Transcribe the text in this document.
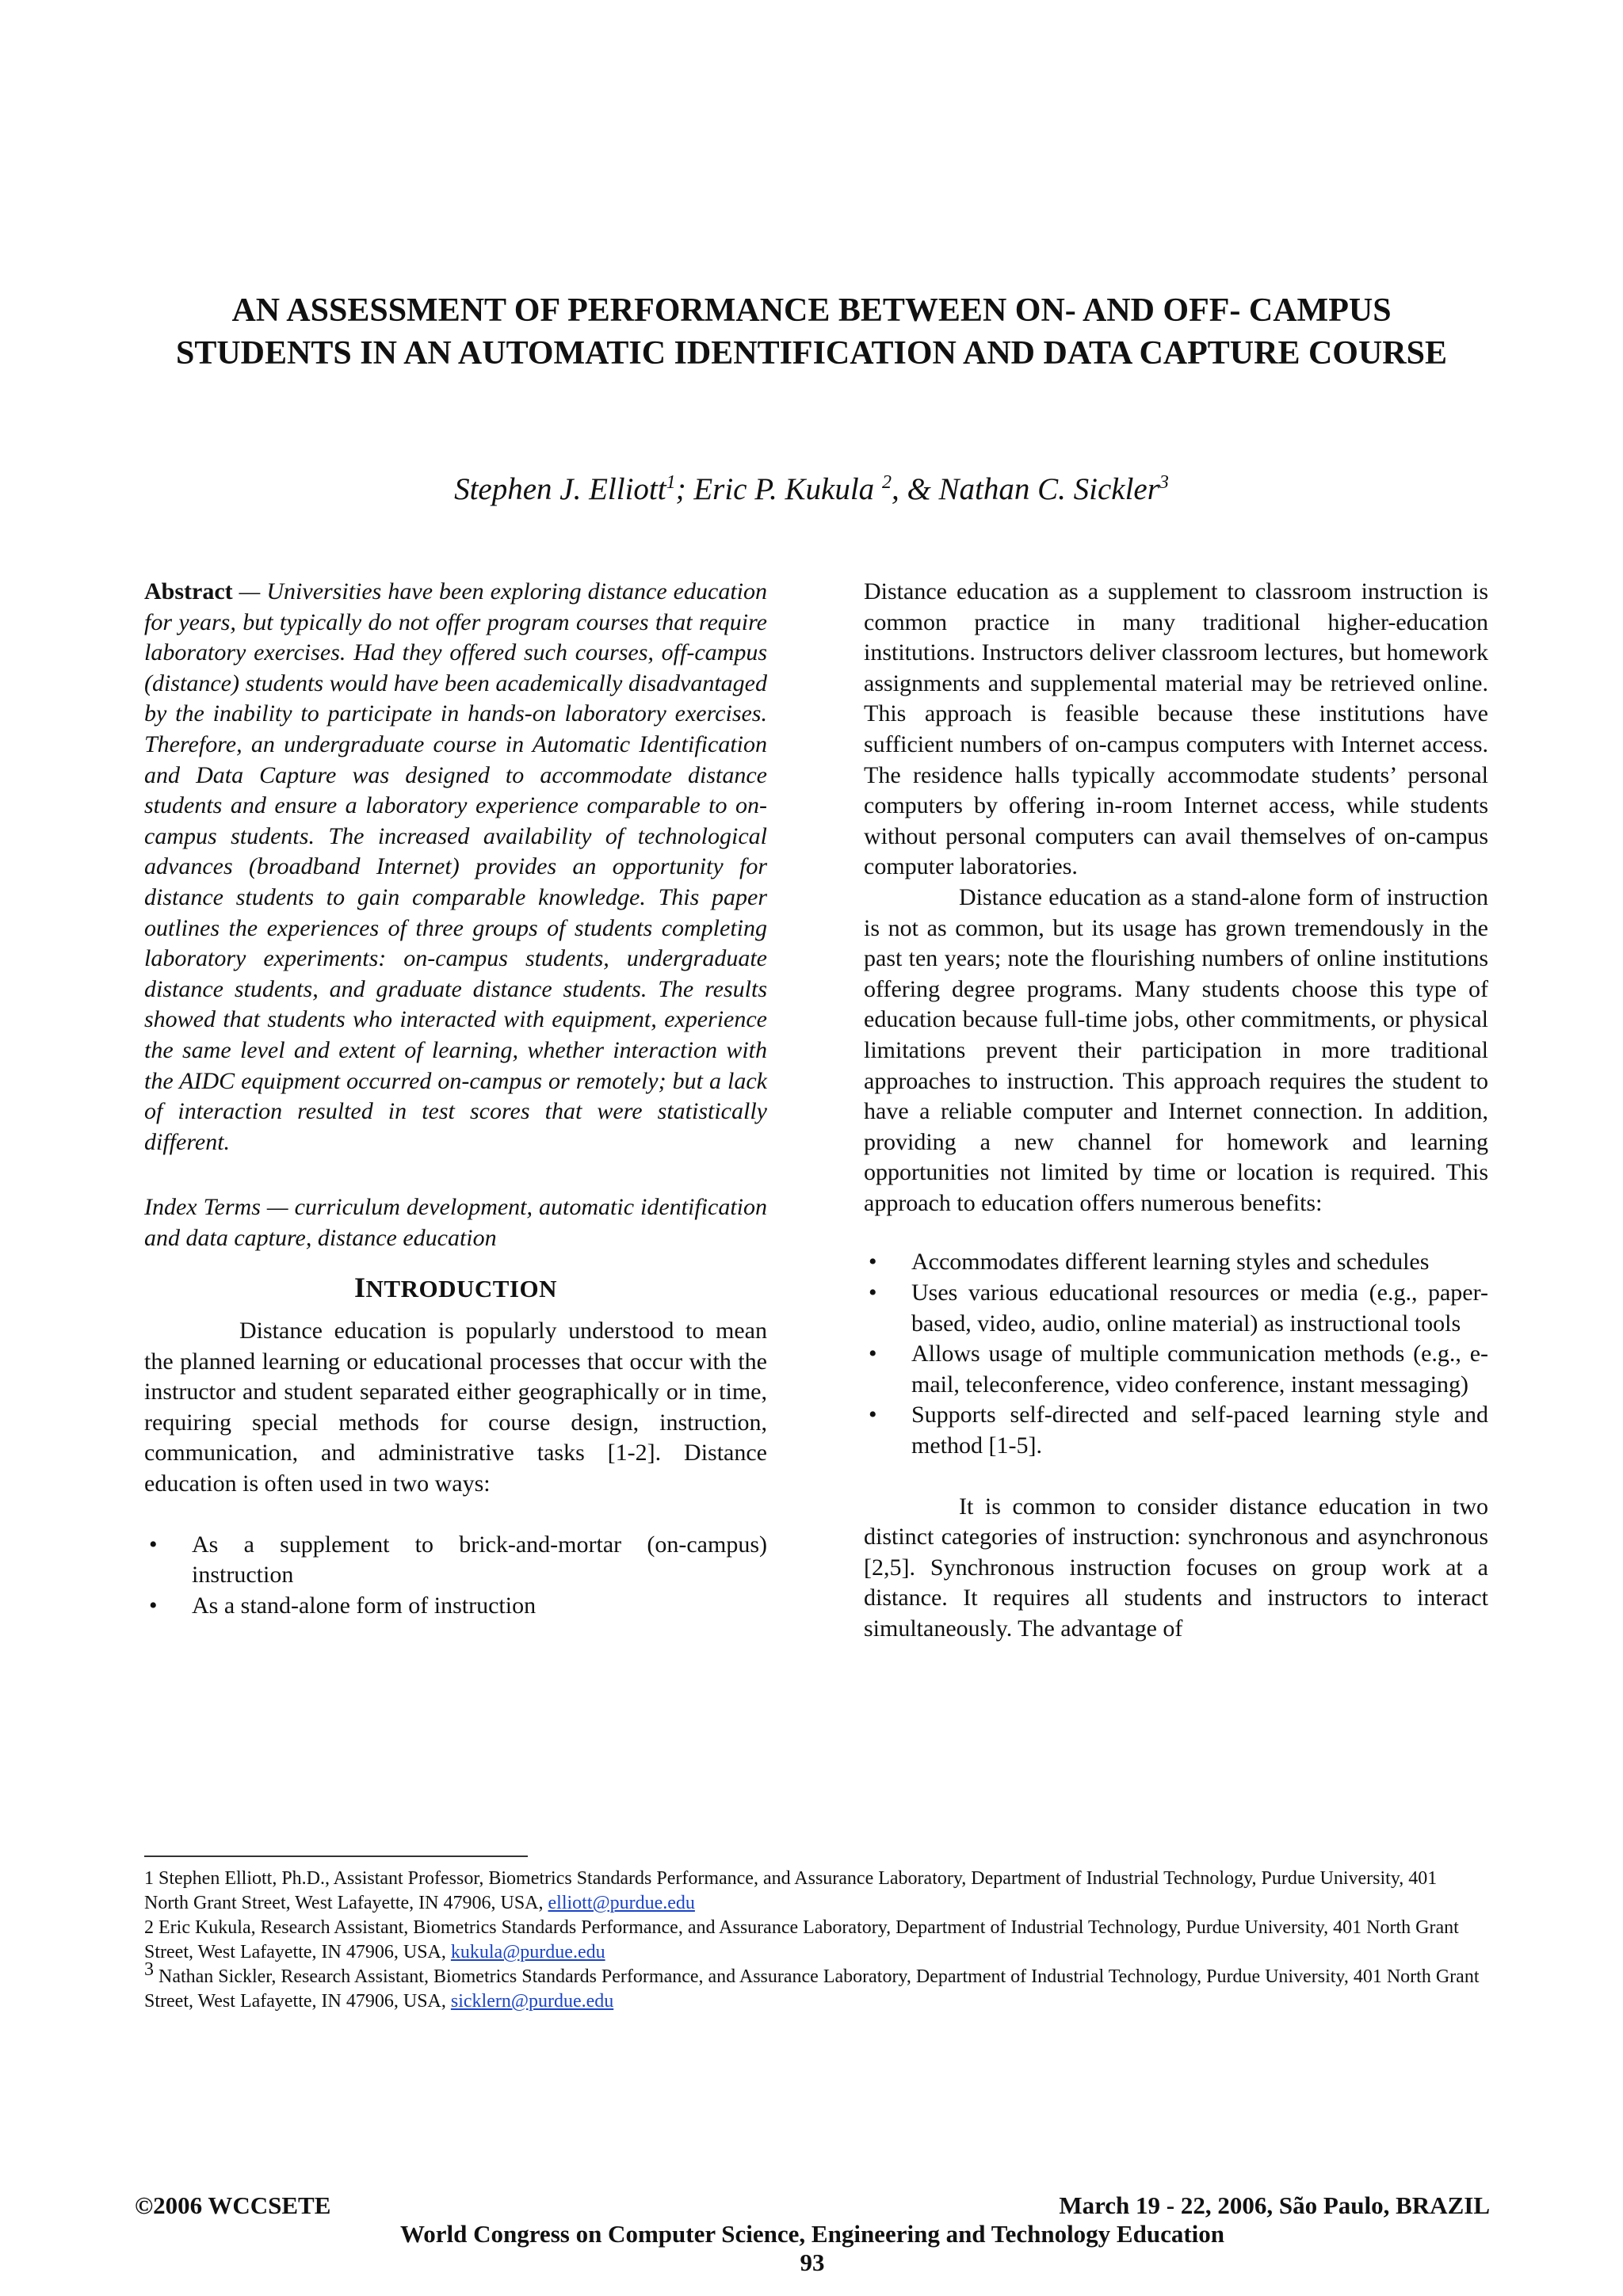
AN ASSESSMENT OF PERFORMANCE BETWEEN ON- AND OFF- CAMPUS STUDENTS IN AN AUTOMATIC IDENTIFICATION AND DATA CAPTURE COURSE
Stephen J. Elliott$^1$; Eric P. Kukula $^2$, & Nathan C. Sickler$^3$

Abstract — Universities have been exploring distance education for years, but typically do not offer program courses that require laboratory exercises. Had they offered such courses, off-campus (distance) students would have been academically disadvantaged by the inability to participate in hands-on laboratory exercises. Therefore, an undergraduate course in Automatic Identification and Data Capture was designed to accommodate distance students and ensure a laboratory experience comparable to on-campus students. The increased availability of technological advances (broadband Internet) provides an opportunity for distance students to gain comparable knowledge. This paper outlines the experiences of three groups of students completing laboratory experiments: on-campus students, undergraduate distance students, and graduate distance students. The results showed that students who interacted with equipment, experience the same level and extent of learning, whether interaction with the AIDC equipment occurred on-campus or remotely; but a lack of interaction resulted in test scores that were statistically different.

Index Terms — curriculum development, automatic identification and data capture, distance education

INTRODUCTION

Distance education is popularly understood to mean the planned learning or educational processes that occur with the instructor and student separated either geographically or in time, requiring special methods for course design, instruction, communication, and administrative tasks [1-2]. Distance education is often used in two ways:

• As a supplement to brick-and-mortar (on-campus) instruction
• As a stand-alone form of instruction

Distance education as a supplement to classroom instruction is common practice in many traditional higher-education institutions. Instructors deliver classroom lectures, but homework assignments and supplemental material may be retrieved online. This approach is feasible because these institutions have sufficient numbers of on-campus computers with Internet access. The residence halls typically accommodate students’ personal computers by offering in-room Internet access, while students without personal computers can avail themselves of on-campus computer laboratories.

Distance education as a stand-alone form of instruction is not as common, but its usage has grown tremendously in the past ten years; note the flourishing numbers of online institutions offering degree programs. Many students choose this type of education because full-time jobs, other commitments, or physical limitations prevent their participation in more traditional approaches to instruction. This approach requires the student to have a reliable computer and Internet connection. In addition, providing a new channel for homework and learning opportunities not limited by time or location is required. This approach to education offers numerous benefits:

• Accommodates different learning styles and schedules
• Uses various educational resources or media (e.g., paper-based, video, audio, online material) as instructional tools
• Allows usage of multiple communication methods (e.g., e-mail, teleconference, video conference, instant messaging)
• Supports self-directed and self-paced learning style and method [1-5].

It is common to consider distance education in two distinct categories of instruction: synchronous and asynchronous [2,5]. Synchronous instruction focuses on group work at a distance. It requires all students and instructors to interact simultaneously. The advantage of

1 Stephen Elliott, Ph.D., Assistant Professor, Biometrics Standards Performance, and Assurance Laboratory, Department of Industrial Technology, Purdue University, 401 North Grant Street, West Lafayette, IN 47906, USA, elliott@purdue.edu
2 Eric Kukula, Research Assistant, Biometrics Standards Performance, and Assurance Laboratory, Department of Industrial Technology, Purdue University, 401 North Grant Street, West Lafayette, IN 47906, USA, kukula@purdue.edu
$^3$ Nathan Sickler, Research Assistant, Biometrics Standards Performance, and Assurance Laboratory, Department of Industrial Technology, Purdue University, 401 North Grant Street, West Lafayette, IN 47906, USA, sicklern@purdue.edu
©2006 WCCSETE	March 19 - 22, 2006, São Paulo, BRAZIL
World Congress on Computer Science, Engineering and Technology Education
93
